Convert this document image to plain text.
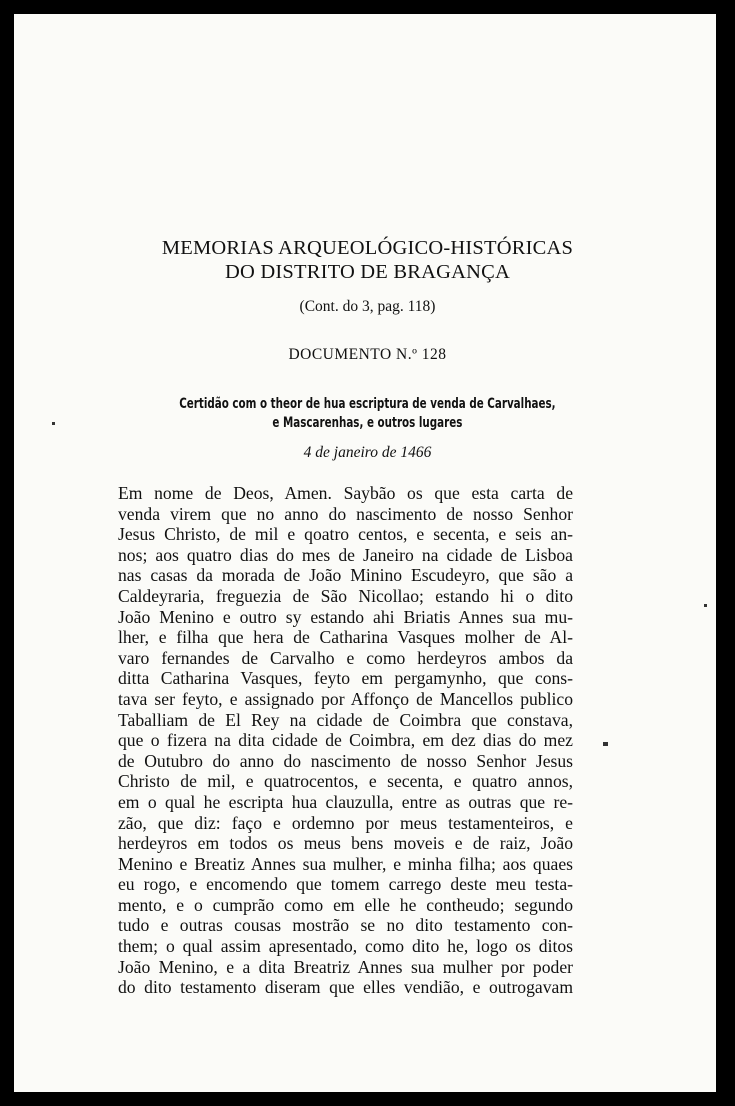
MEMORIAS ARQUEOLÓGICO-HISTÓRICAS
DO DISTRITO DE BRAGANÇA
(Cont. do 3, pag. 118)
DOCUMENTO N.º 128
Certidão com o theor de hua escriptura de venda de Carvalhaes,
e Mascarenhas, e outros lugares
4 de janeiro de 1466
Em nome de Deos, Amen. Saybão os que esta carta de
venda virem que no anno do nascimento de nosso Senhor
Jesus Christo, de mil e qoatro centos, e secenta, e seis an-
nos; aos quatro dias do mes de Janeiro na cidade de Lisboa
nas casas da morada de João Minino Escudeyro, que são a
Caldeyraria, freguezia de São Nicollao; estando hi o dito
João Menino e outro sy estando ahi Briatis Annes sua mu-
lher, e filha que hera de Catharina Vasques molher de Al-
varo fernandes de Carvalho e como herdeyros ambos da
ditta Catharina Vasques, feyto em pergamynho, que cons-
tava ser feyto, e assignado por Affonço de Mancellos publico
Taballiam de El Rey na cidade de Coimbra que constava,
que o fizera na dita cidade de Coimbra, em dez dias do mez
de Outubro do anno do nascimento de nosso Senhor Jesus
Christo de mil, e quatrocentos, e secenta, e quatro annos,
em o qual he escripta hua clauzulla, entre as outras que re-
zão, que diz: faço e ordemno por meus testamenteiros, e
herdeyros em todos os meus bens moveis e de raiz, João
Menino e Breatiz Annes sua mulher, e minha filha; aos quaes
eu rogo, e encomendo que tomem carrego deste meu testa-
mento, e o cumprão como em elle he contheudo; segundo
tudo e outras cousas mostrão se no dito testamento con-
them; o qual assim apresentado, como dito he, logo os ditos
João Menino, e a dita Breatriz Annes sua mulher por poder
do dito testamento diseram que elles vendião, e outrogavam
